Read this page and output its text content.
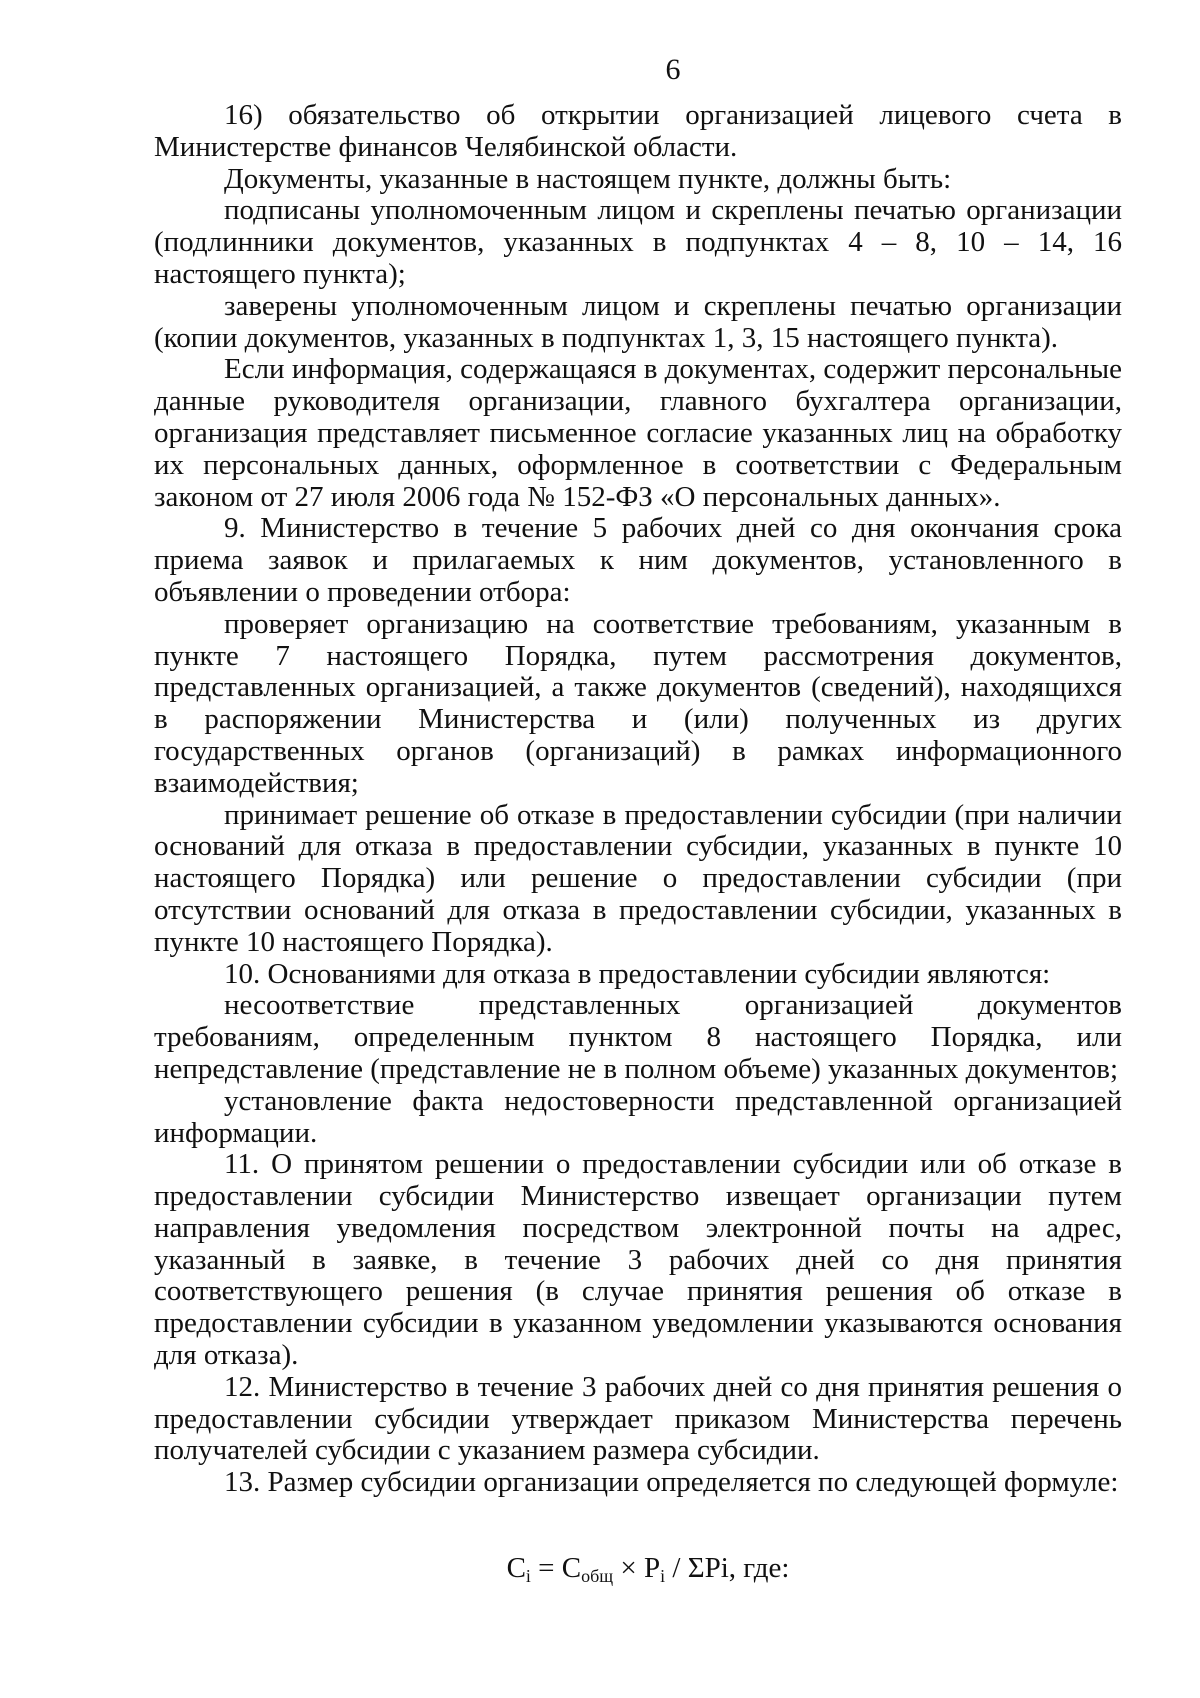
6

16) обязательство об открытии организацией лицевого счета в Министерстве финансов Челябинской области.

Документы, указанные в настоящем пункте, должны быть:

подписаны уполномоченным лицом и скреплены печатью организации (подлинники документов, указанных в подпунктах 4 – 8, 10 – 14, 16 настоящего пункта);

заверены уполномоченным лицом и скреплены печатью организации (копии документов, указанных в подпунктах 1, 3, 15 настоящего пункта).

Если информация, содержащаяся в документах, содержит персональные данные руководителя организации, главного бухгалтера организации, организация представляет письменное согласие указанных лиц на обработку их персональных данных, оформленное в соответствии с Федеральным законом от 27 июля 2006 года № 152-ФЗ «О персональных данных».

9. Министерство в течение 5 рабочих дней со дня окончания срока приема заявок и прилагаемых к ним документов, установленного в объявлении о проведении отбора:

проверяет организацию на соответствие требованиям, указанным в пункте 7 настоящего Порядка, путем рассмотрения документов, представленных организацией, а также документов (сведений), находящихся в распоряжении Министерства и (или) полученных из других государственных органов (организаций) в рамках информационного взаимодействия;

принимает решение об отказе в предоставлении субсидии (при наличии оснований для отказа в предоставлении субсидии, указанных в пункте 10 настоящего Порядка) или решение о предоставлении субсидии (при отсутствии оснований для отказа в предоставлении субсидии, указанных в пункте 10 настоящего Порядка).

10. Основаниями для отказа в предоставлении субсидии являются:

несоответствие представленных организацией документов требованиям, определенным пунктом 8 настоящего Порядка, или непредставление (представление не в полном объеме) указанных документов;

установление факта недостоверности представленной организацией информации.

11. О принятом решении о предоставлении субсидии или об отказе в предоставлении субсидии Министерство извещает организации путем направления уведомления посредством электронной почты на адрес, указанный в заявке, в течение 3 рабочих дней со дня принятия соответствующего решения (в случае принятия решения об отказе в предоставлении субсидии в указанном уведомлении указываются основания для отказа).

12. Министерство в течение 3 рабочих дней со дня принятия решения о предоставлении субсидии утверждает приказом Министерства перечень получателей субсидии с указанием размера субсидии.

13. Размер субсидии организации определяется по следующей формуле:

$C_i = C_{общ} \times P_i / \Sigma Pi$, где:
